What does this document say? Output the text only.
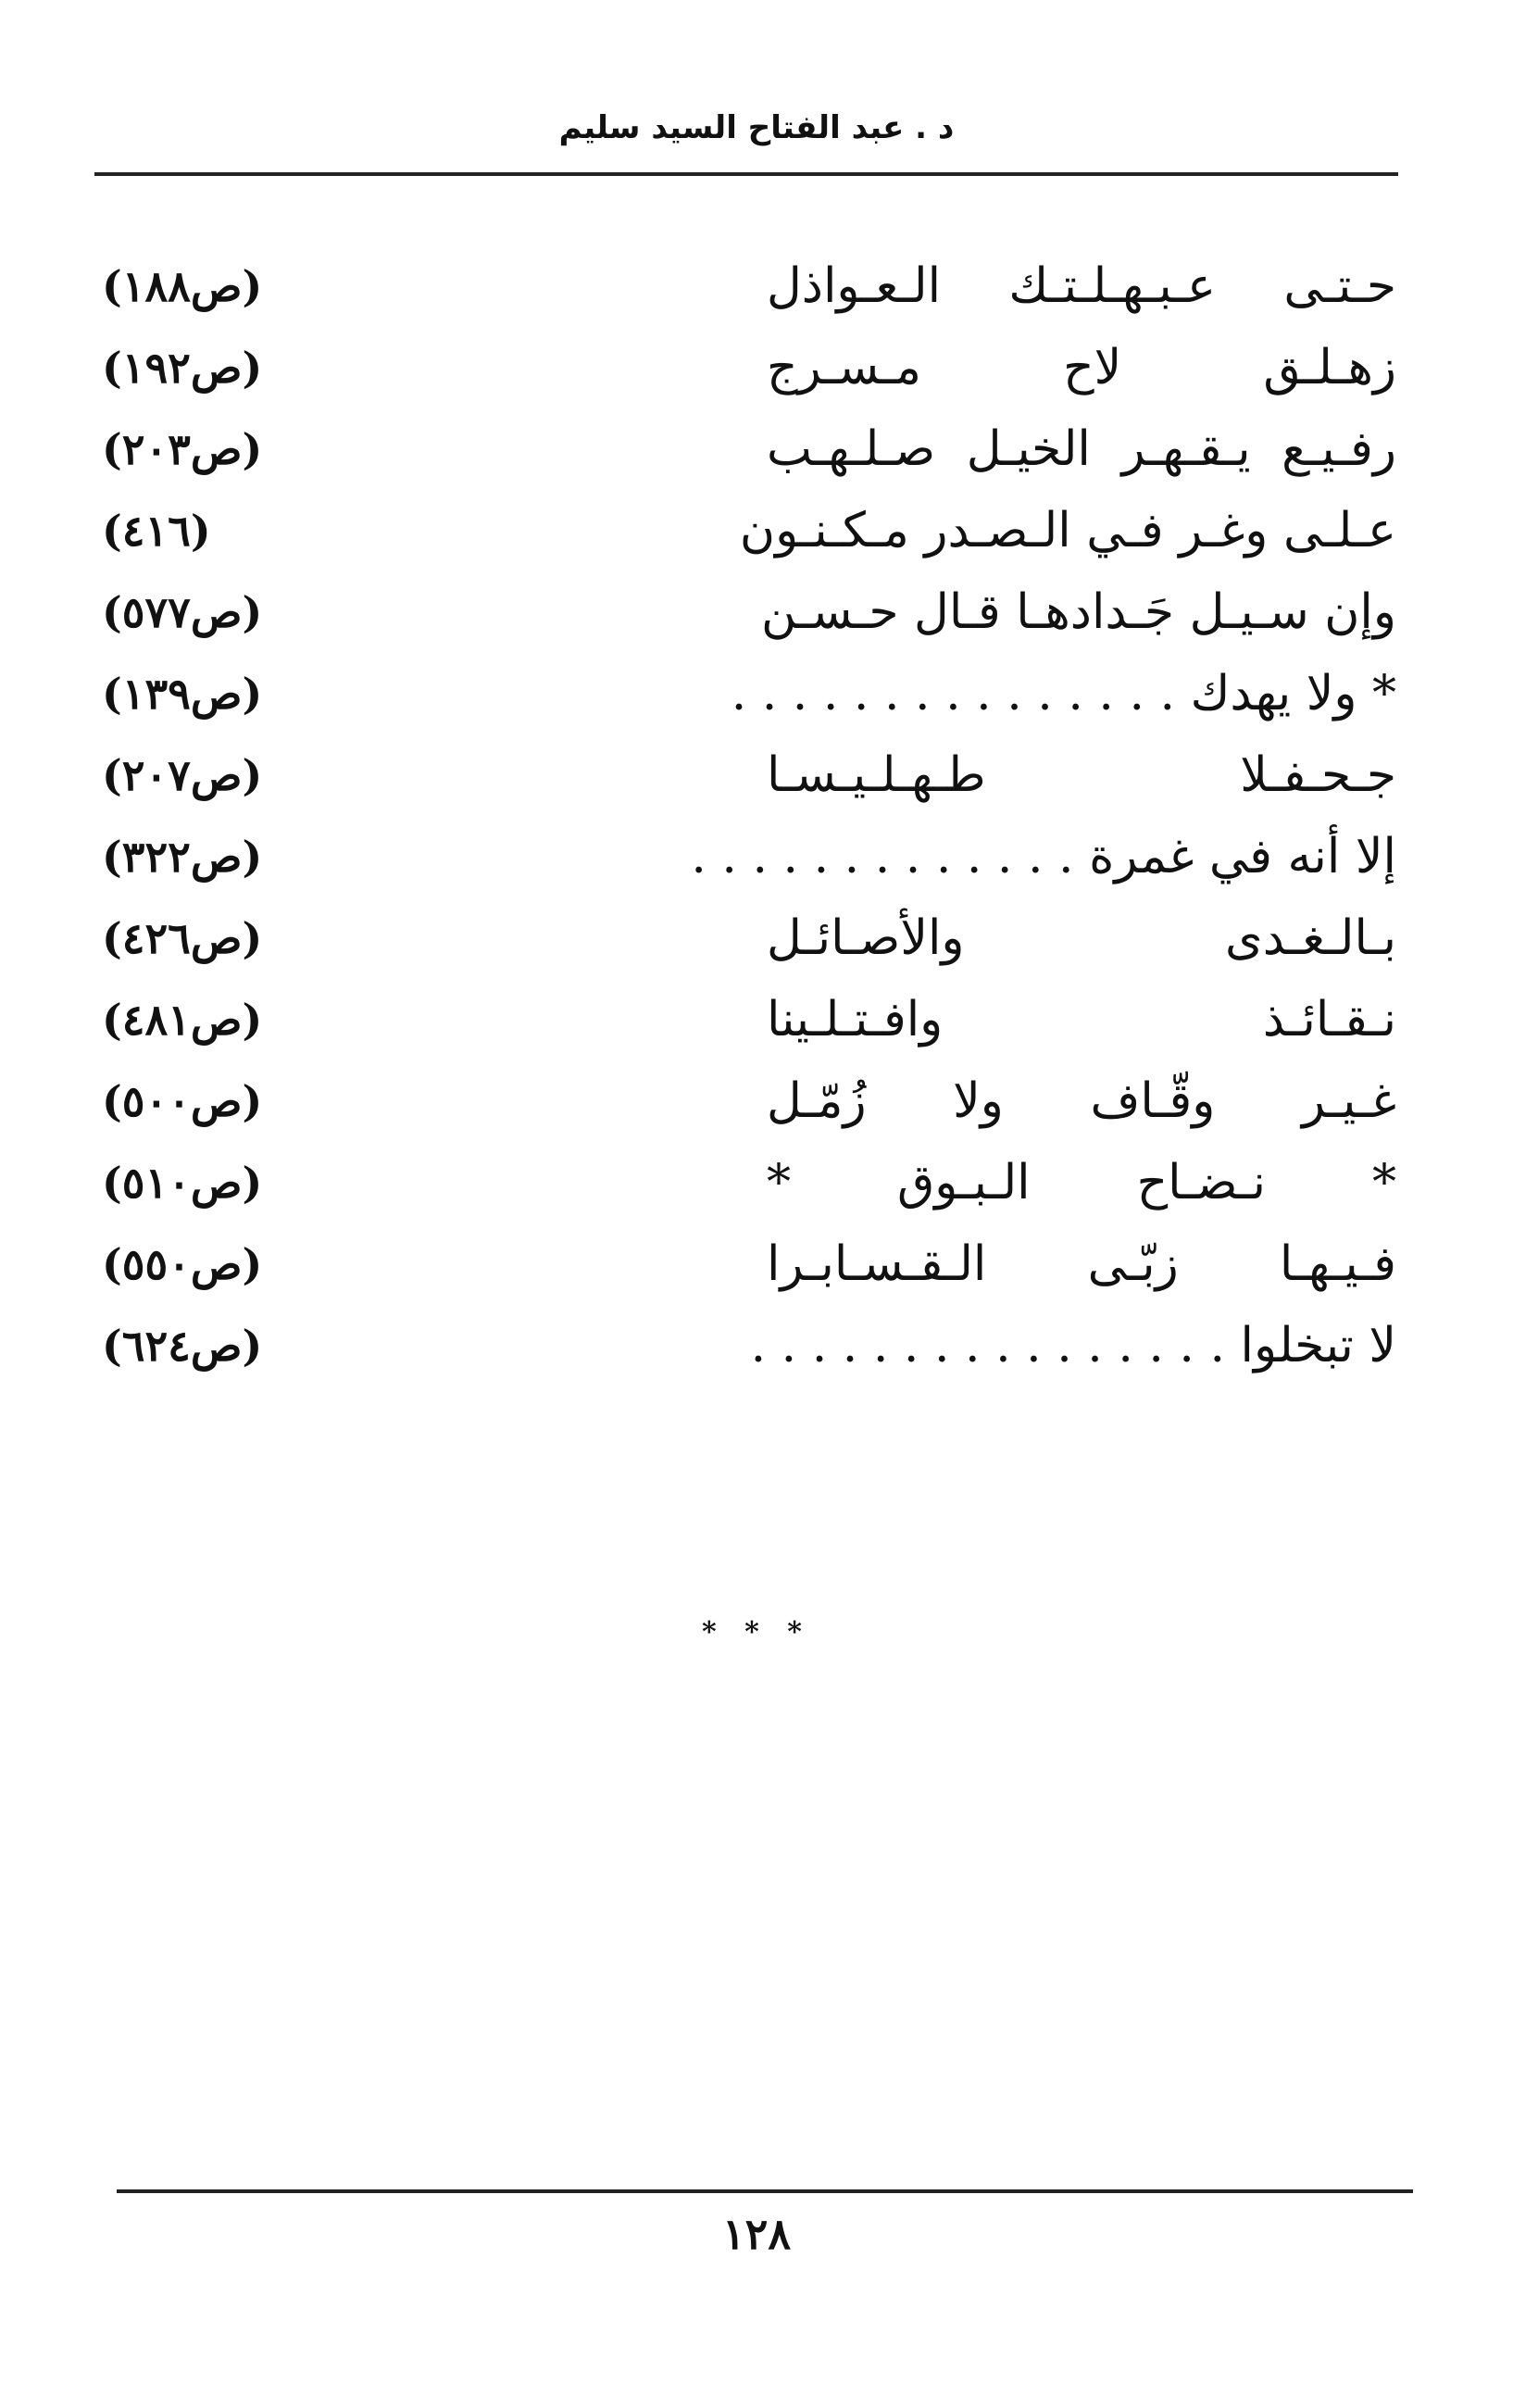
د . عبد الفتاح السيد سليم
حـتـى عـبـهـلـتـك الـعـواذل
(ص١٨٨)
زهـلـق لاح مـسـرج
(ص١٩٢)
رفـيـع يـقـهـر الخيـل صـلـهـب
(ص٢٠٣)
عـلـى وغـر فـي الـصـدر مـكـنـون
(٤١٦)
وإن سـيـل جَـدادهـا قـال حـسـن
(ص٥٧٧)
* ولا يهدك . . . . . . . . . . . . . . .
(ص١٣٩)
جـحـفـلا طـهـلـيـسـا
(ص٢٠٧)
إلا أنه في غمرة . . . . . . . . . . . . .
(ص٣٢٢)
بـالـغـدى والأصـائـل
(ص٤٢٦)
نـقـائـذ وافـتـلـينا
(ص٤٨١)
غـيـر وقّـاف ولا زُمّـل
(ص٥٠٠)
* نـضـاح الـبـوق *
(ص٥١٠)
فـيـهـا زبّـى الـقـسـابـرا
(ص٥٥٠)
لا تبخلوا . . . . . . . . . . . . . . . .
(ص٦٢٤)
* * *
١٢٨
